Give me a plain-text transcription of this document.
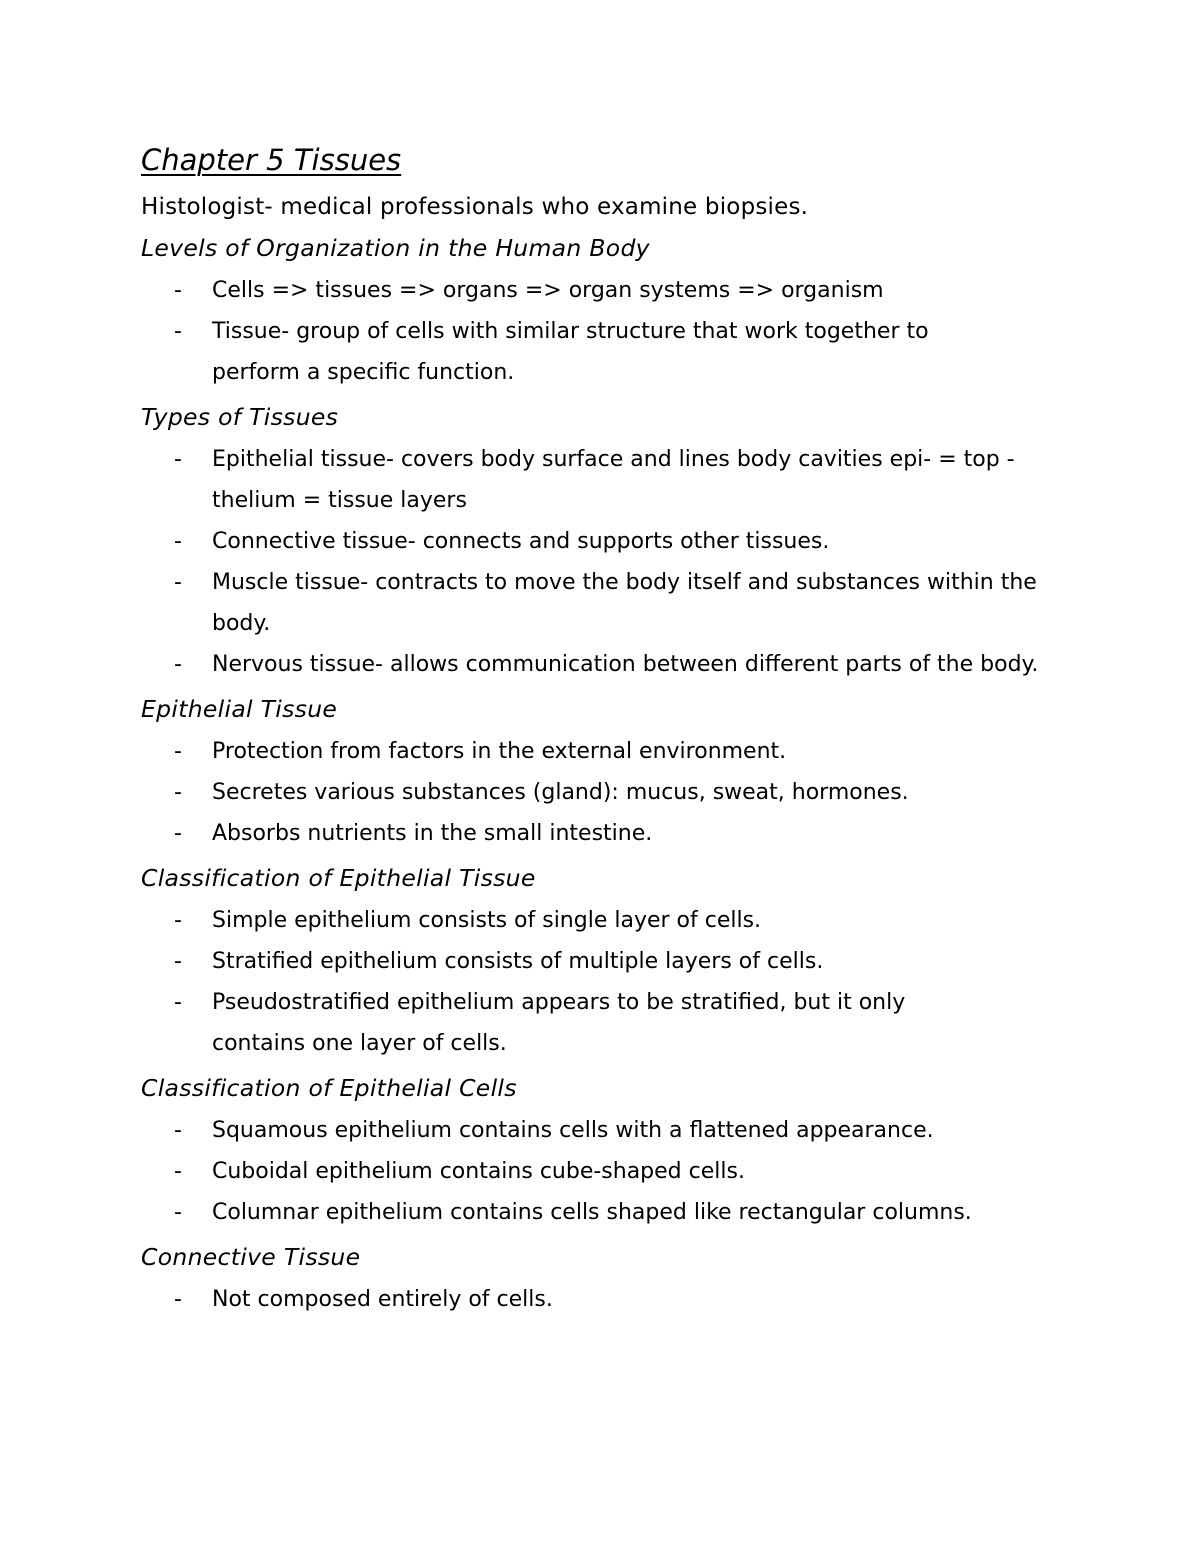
Chapter 5 Tissues

Histologist- medical professionals who examine biopsies.

Levels of Organization in the Human Body
- Cells => tissues => organs => organ systems => organism
- Tissue- group of cells with similar structure that work together to perform a specific function.
Types of Tissues
- Epithelial tissue- covers body surface and lines body cavities epi- = top -thelium = tissue layers
- Connective tissue- connects and supports other tissues.
- Muscle tissue- contracts to move the body itself and substances within the body.
- Nervous tissue- allows communication between different parts of the body.
Epithelial Tissue
- Protection from factors in the external environment.
- Secretes various substances (gland): mucus, sweat, hormones.
- Absorbs nutrients in the small intestine.
Classification of Epithelial Tissue
- Simple epithelium consists of single layer of cells.
- Stratified epithelium consists of multiple layers of cells.
- Pseudostratified epithelium appears to be stratified, but it only contains one layer of cells.
Classification of Epithelial Cells
- Squamous epithelium contains cells with a flattened appearance.
- Cuboidal epithelium contains cube-shaped cells.
- Columnar epithelium contains cells shaped like rectangular columns.
Connective Tissue
- Not composed entirely of cells.
